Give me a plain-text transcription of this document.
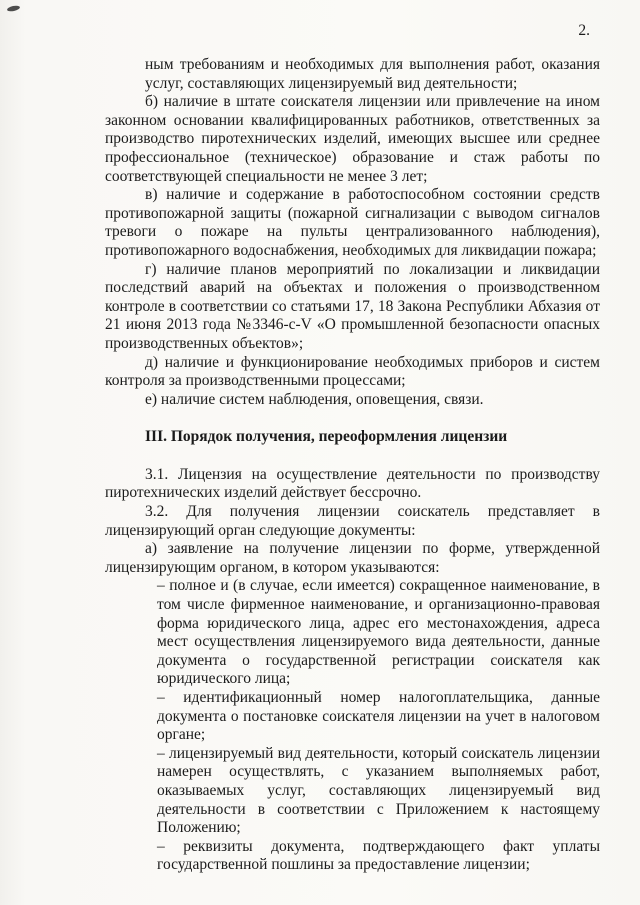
2.

ным требованиям и необходимых для выполнения работ, оказания услуг, составляющих лицензируемый вид деятельности;

б) наличие в штате соискателя лицензии или привлечение на ином законном основании квалифицированных работников, ответственных за производство пиротехнических изделий, имеющих высшее или среднее профессиональное (техническое) образование и стаж работы по соответствующей специальности не менее 3 лет;

в) наличие и содержание в работоспособном состоянии средств противопожарной защиты (пожарной сигнализации с выводом сигналов тревоги о пожаре на пульты централизованного наблюдения), противопожарного водоснабжения, необходимых для ликвидации пожара;

г) наличие планов мероприятий по локализации и ликвидации последствий аварий на объектах и положения о производственном контроле в соответствии со статьями 17, 18 Закона Республики Абхазия от 21 июня 2013 года №3346-с-V «О промышленной безопасности опасных производственных объектов»;

д) наличие и функционирование необходимых приборов и систем контроля за производственными процессами;

е) наличие систем наблюдения, оповещения, связи.

III. Порядок получения, переоформления лицензии

3.1. Лицензия на осуществление деятельности по производству пиротехнических изделий действует бессрочно.

3.2. Для получения лицензии соискатель представляет в лицензирующий орган следующие документы:

а) заявление на получение лицензии по форме, утвержденной лицензирующим органом, в котором указываются:

– полное и (в случае, если имеется) сокращенное наименование, в том числе фирменное наименование, и организационно-правовая форма юридического лица, адрес его местонахождения, адреса мест осуществления лицензируемого вида деятельности, данные документа о государственной регистрации соискателя как юридического лица;

– идентификационный номер налогоплательщика, данные документа о постановке соискателя лицензии на учет в налоговом органе;

– лицензируемый вид деятельности, который соискатель лицензии намерен осуществлять, с указанием выполняемых работ, оказываемых услуг, составляющих лицензируемый вид деятельности в соответствии с Приложением к настоящему Положению;

– реквизиты документа, подтверждающего факт уплаты государственной пошлины за предоставление лицензии;
